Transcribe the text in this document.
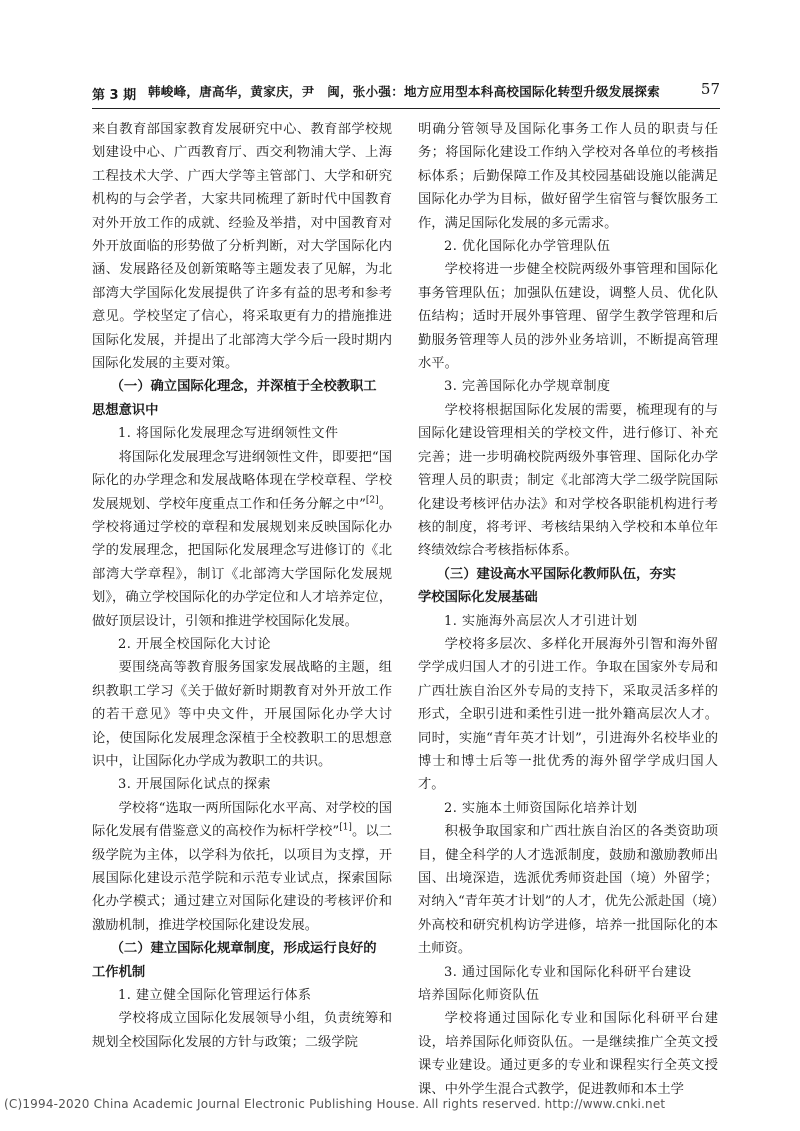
第 3 期 韩峻峰，唐高华，黄家庆，尹　闽，张小强：地方应用型本科高校国际化转型升级发展探索	57

来自教育部国家教育发展研究中心、教育部学校规划建设中心、广西教育厅、西交利物浦大学、上海工程技术大学、广西大学等主管部门、大学和研究机构的与会学者，大家共同梳理了新时代中国教育对外开放工作的成就、经验及举措，对中国教育对外开放面临的形势做了分析判断，对大学国际化内涵、发展路径及创新策略等主题发表了见解，为北部湾大学国际化发展提供了许多有益的思考和参考意见。学校坚定了信心，将采取更有力的措施推进国际化发展，并提出了北部湾大学今后一段时期内国际化发展的主要对策。

（一）确立国际化理念，并深植于全校教职工

思想意识中

1. 将国际化发展理念写进纲领性文件

将国际化发展理念写进纲领性文件，即要把“国际化的办学理念和发展战略体现在学校章程、学校发展规划、学校年度重点工作和任务分解之中”[2]。学校将通过学校的章程和发展规划来反映国际化办学的发展理念，把国际化发展理念写进修订的《北部湾大学章程》，制订《北部湾大学国际化发展规划》，确立学校国际化的办学定位和人才培养定位，做好顶层设计，引领和推进学校国际化发展。

2. 开展全校国际化大讨论

要围绕高等教育服务国家发展战略的主题，组织教职工学习《关于做好新时期教育对外开放工作的若干意见》等中央文件，开展国际化办学大讨论，使国际化发展理念深植于全校教职工的思想意识中，让国际化办学成为教职工的共识。

3. 开展国际化试点的探索

学校将“选取一两所国际化水平高、对学校的国际化发展有借鉴意义的高校作为标杆学校”[1]。以二级学院为主体，以学科为依托，以项目为支撑，开展国际化建设示范学院和示范专业试点，探索国际化办学模式；通过建立对国际化建设的考核评价和激励机制，推进学校国际化建设发展。

（二）建立国际化规章制度，形成运行良好的

工作机制

1. 建立健全国际化管理运行体系

学校将成立国际化发展领导小组，负责统筹和规划全校国际化发展的方针与政策；二级学院

明确分管领导及国际化事务工作人员的职责与任务；将国际化建设工作纳入学校对各单位的考核指标体系；后勤保障工作及其校园基础设施以能满足国际化办学为目标，做好留学生宿管与餐饮服务工作，满足国际化发展的多元需求。

2. 优化国际化办学管理队伍

学校将进一步健全校院两级外事管理和国际化事务管理队伍；加强队伍建设，调整人员、优化队伍结构；适时开展外事管理、留学生教学管理和后勤服务管理等人员的涉外业务培训，不断提高管理水平。

3. 完善国际化办学规章制度

学校将根据国际化发展的需要，梳理现有的与国际化建设管理相关的学校文件，进行修订、补充完善；进一步明确校院两级外事管理、国际化办学管理人员的职责；制定《北部湾大学二级学院国际化建设考核评估办法》和对学校各职能机构进行考核的制度，将考评、考核结果纳入学校和本单位年终绩效综合考核指标体系。

（三）建设高水平国际化教师队伍，夯实

学校国际化发展基础

1. 实施海外高层次人才引进计划

学校将多层次、多样化开展海外引智和海外留学学成归国人才的引进工作。争取在国家外专局和广西壮族自治区外专局的支持下，采取灵活多样的形式，全职引进和柔性引进一批外籍高层次人才。同时，实施“青年英才计划”，引进海外名校毕业的博士和博士后等一批优秀的海外留学学成归国人才。

2. 实施本土师资国际化培养计划

积极争取国家和广西壮族自治区的各类资助项目，健全科学的人才选派制度，鼓励和激励教师出国、出境深造，选派优秀师资赴国（境）外留学；对纳入“青年英才计划”的人才，优先公派赴国（境）外高校和研究机构访学进修，培养一批国际化的本土师资。

3. 通过国际化专业和国际化科研平台建设

培养国际化师资队伍

学校将通过国际化专业和国际化科研平台建设，培养国际化师资队伍。一是继续推广全英文授课专业建设。通过更多的专业和课程实行全英文授课、中外学生混合式教学，促进教师和本土学

(C)1994-2020 China Academic Journal Electronic Publishing House. All rights reserved. http://www.cnki.net
